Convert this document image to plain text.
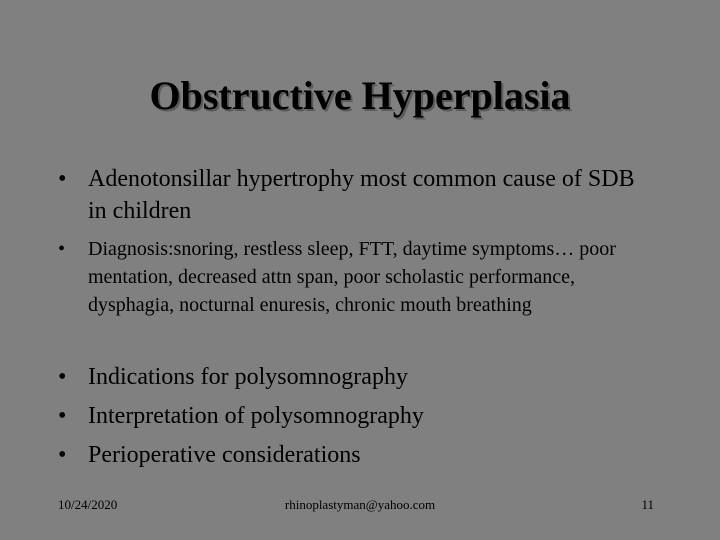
Obstructive Hyperplasia
• Adenotonsillar hypertrophy most common cause of SDB in children
• Diagnosis:snoring, restless sleep, FTT, daytime symptoms… poor mentation, decreased attn span, poor scholastic performance, dysphagia, nocturnal enuresis, chronic mouth breathing
• Indications for polysomnography
• Interpretation of polysomnography
• Perioperative considerations
10/24/2020	rhinoplastyman@yahoo.com	11
